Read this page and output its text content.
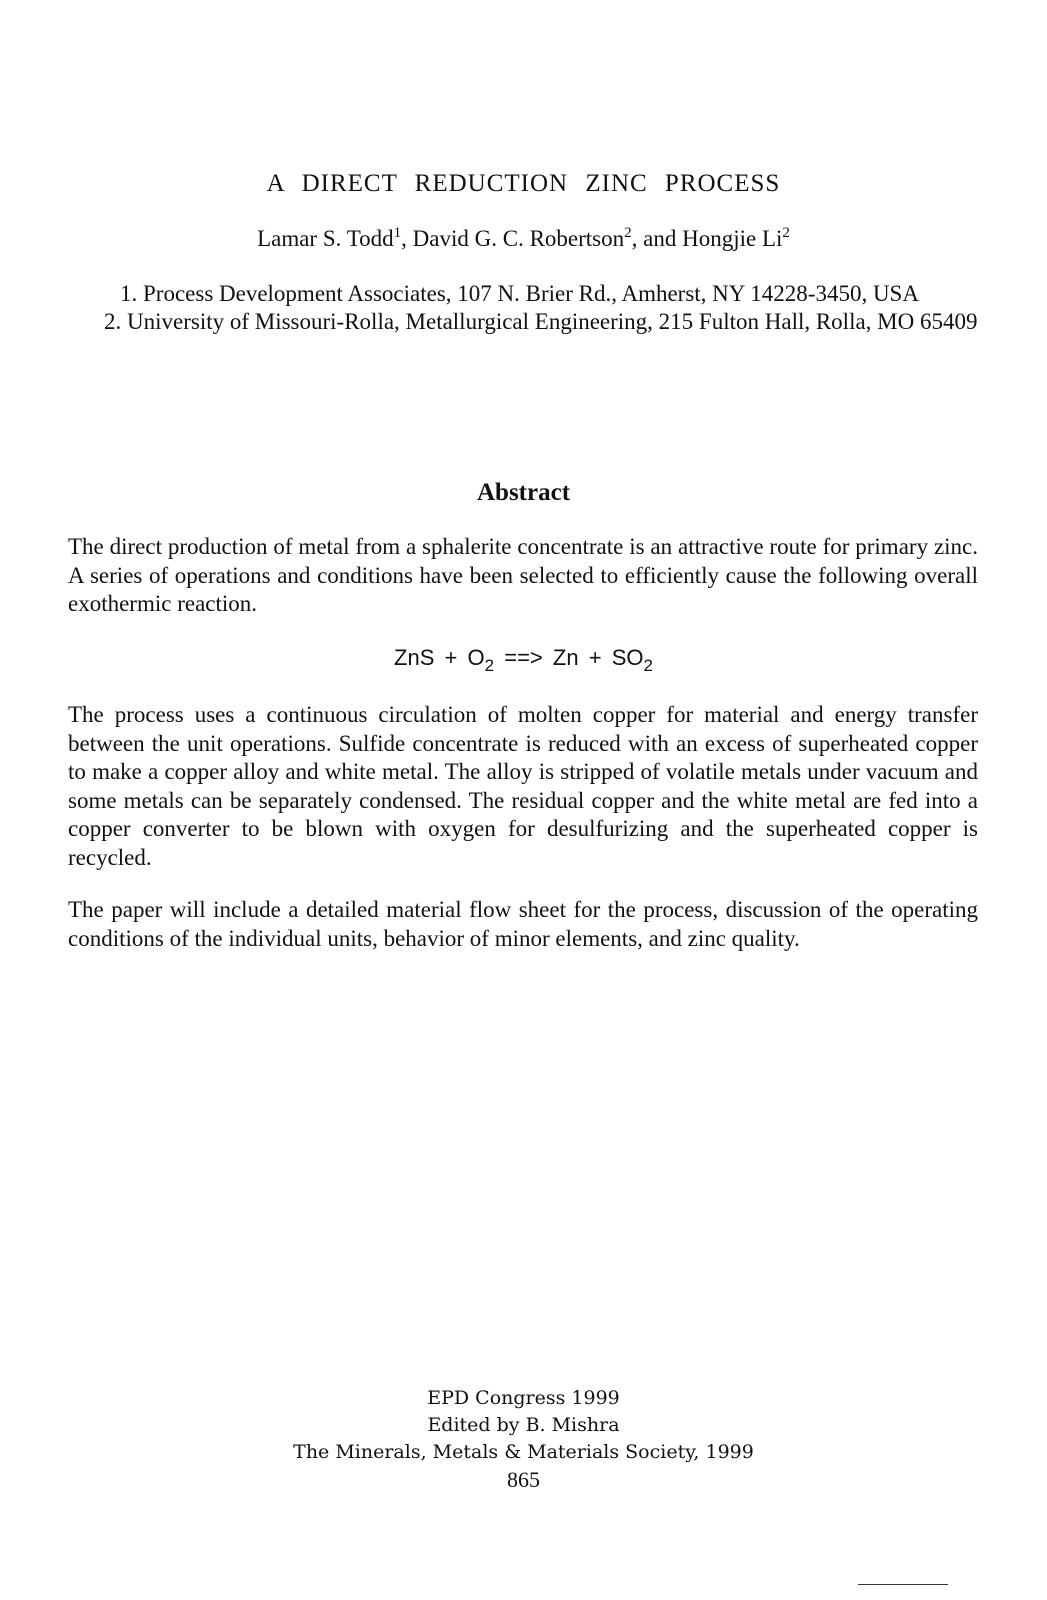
A DIRECT REDUCTION ZINC PROCESS
Lamar S. Todd$^1$, David G. C. Robertson$^2$, and Hongjie Li$^2$
1. Process Development Associates, 107 N. Brier Rd., Amherst, NY 14228-3450, USA
2. University of Missouri-Rolla, Metallurgical Engineering, 215 Fulton Hall, Rolla, MO 65409
Abstract
The direct production of metal from a sphalerite concentrate is an attractive route for primary zinc. A series of operations and conditions have been selected to efficiently cause the following overall exothermic reaction.
ZnS + $O_2$ ==> $Zn + SO_2$
The process uses a continuous circulation of molten copper for material and energy transfer between the unit operations. Sulfide concentrate is reduced with an excess of superheated copper to make a copper alloy and white metal. The alloy is stripped of volatile metals under vacuum and some metals can be separately condensed. The residual copper and the white metal are fed into a copper converter to be blown with oxygen for desulfurizing and the superheated copper is recycled.
The paper will include a detailed material flow sheet for the process, discussion of the operating conditions of the individual units, behavior of minor elements, and zinc quality.
EPD Congress 1999
Edited by B. Mishra
The Minerals, Metals & Materials Society, 1999
865
